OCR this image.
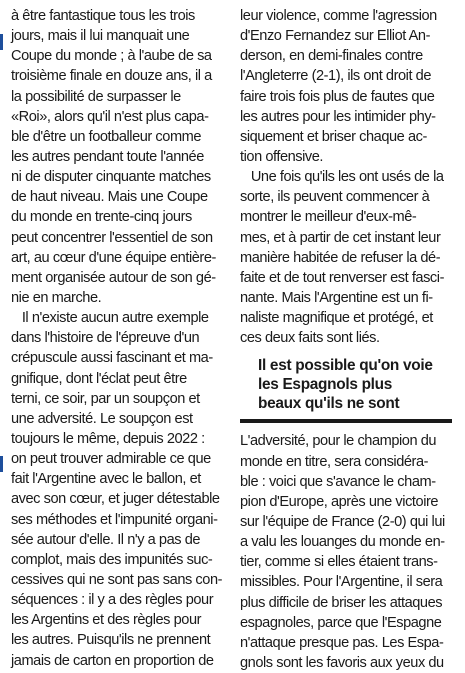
à être fantastique tous les trois
jours, mais il lui manquait une
Coupe du monde ; à l'aube de sa
troisième finale en douze ans, il a
la possibilité de surpasser le
«Roi», alors qu'il n'est plus capa-
ble d'être un footballeur comme
les autres pendant toute l'année
ni de disputer cinquante matches
de haut niveau. Mais une Coupe
du monde en trente-cinq jours
peut concentrer l'essentiel de son
art, au cœur d'une équipe entière-
ment organisée autour de son gé-
nie en marche.
Il n'existe aucun autre exemple
dans l'histoire de l'épreuve d'un
crépuscule aussi fascinant et ma-
gnifique, dont l'éclat peut être
terni, ce soir, par un soupçon et
une adversité. Le soupçon est
toujours le même, depuis 2022 :
on peut trouver admirable ce que
fait l'Argentine avec le ballon, et
avec son cœur, et juger détestable
ses méthodes et l'impunité organi-
sée autour d'elle. Il n'y a pas de
complot, mais des impunités suc-
cessives qui ne sont pas sans con-
séquences : il y a des règles pour
les Argentins et des règles pour
les autres. Puisqu'ils ne prennent
jamais de carton en proportion de
leur violence, comme l'agression
d'Enzo Fernandez sur Elliot An-
derson, en demi-finales contre
l'Angleterre (2-1), ils ont droit de
faire trois fois plus de fautes que
les autres pour les intimider phy-
siquement et briser chaque ac-
tion offensive.
Une fois qu'ils les ont usés de la
sorte, ils peuvent commencer à
montrer le meilleur d'eux-mê-
mes, et à partir de cet instant leur
manière habitée de refuser la dé-
faite et de tout renverser est fasci-
nante. Mais l'Argentine est un fi-
naliste magnifique et protégé, et
ces deux faits sont liés.
Il est possible qu'on voie
les Espagnols plus
beaux qu'ils ne sont
L'adversité, pour le champion du
monde en titre, sera considéra-
ble : voici que s'avance le cham-
pion d'Europe, après une victoire
sur l'équipe de France (2-0) qui lui
a valu les louanges du monde en-
tier, comme si elles étaient trans-
missibles. Pour l'Argentine, il sera
plus difficile de briser les attaques
espagnoles, parce que l'Espagne
n'attaque presque pas. Les Espa-
gnols sont les favoris aux yeux du
